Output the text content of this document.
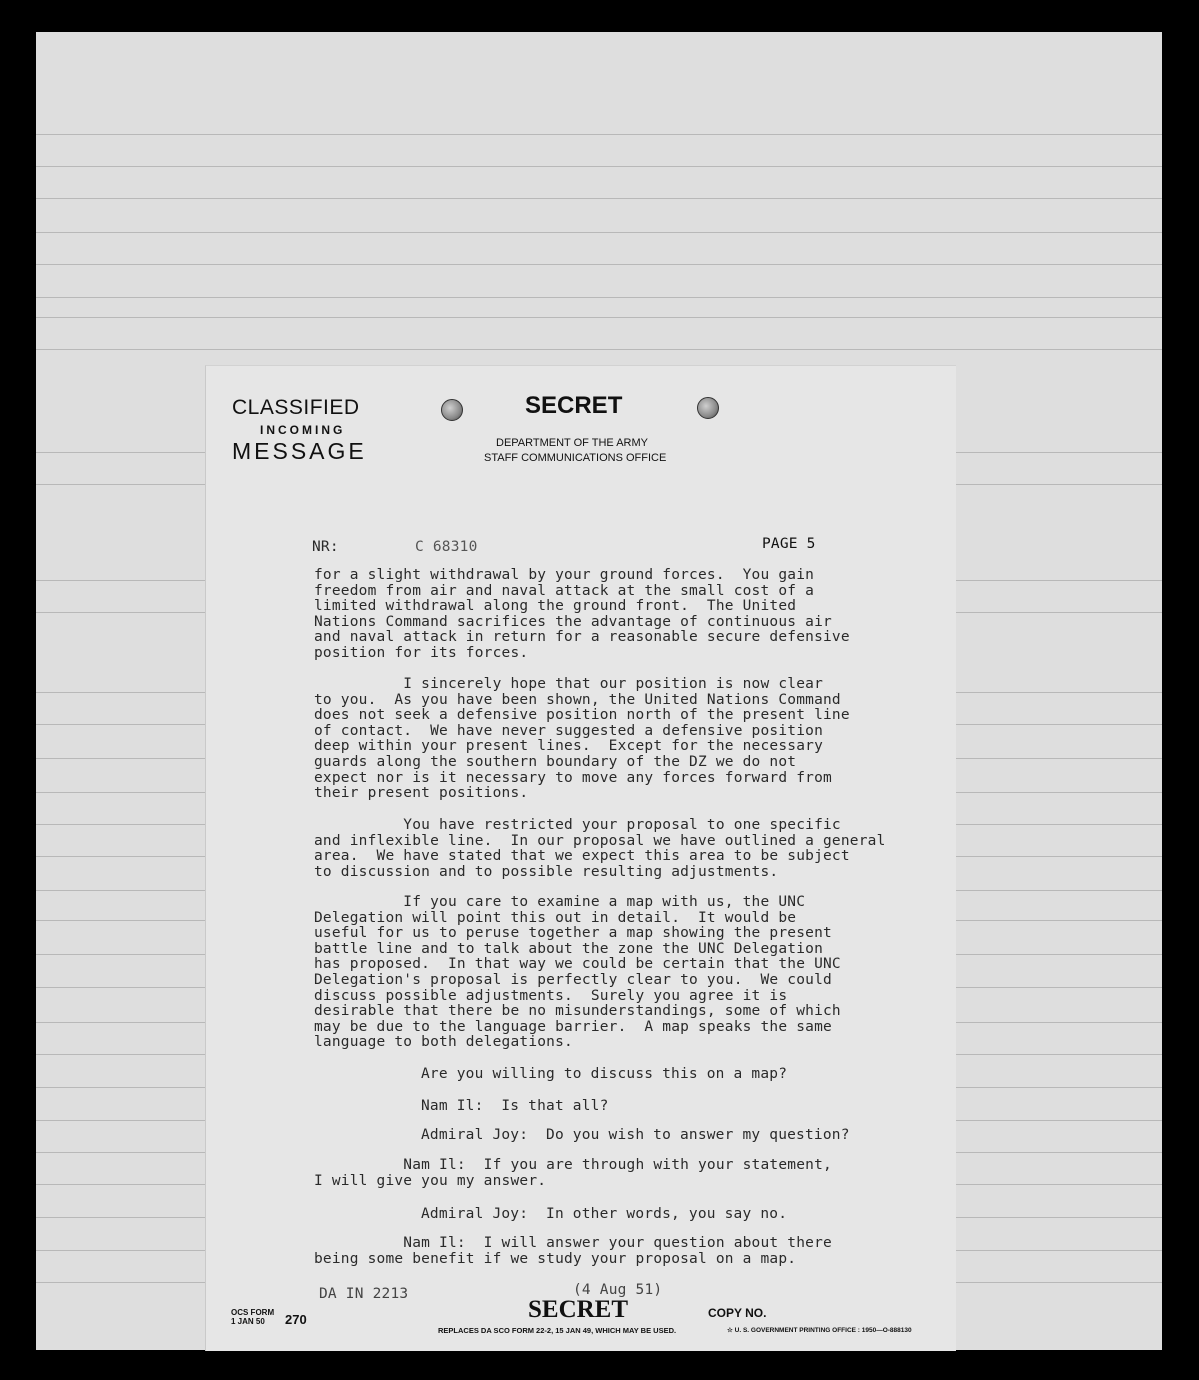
CLASSIFIED
INCOMING
MESSAGE
SECRET
DEPARTMENT OF THE ARMY
STAFF COMMUNICATIONS OFFICE
NR:	C 68310	PAGE 5
for a slight withdrawal by your ground forces.  You gain
freedom from air and naval attack at the small cost of a
limited withdrawal along the ground front.  The United
Nations Command sacrifices the advantage of continuous air
and naval attack in return for a reasonable secure defensive
position for its forces.
I sincerely hope that our position is now clear
to you.  As you have been shown, the United Nations Command
does not seek a defensive position north of the present line
of contact.  We have never suggested a defensive position
deep within your present lines.  Except for the necessary
guards along the southern boundary of the DZ we do not
expect nor is it necessary to move any forces forward from
their present positions.
You have restricted your proposal to one specific
and inflexible line.  In our proposal we have outlined a general
area.  We have stated that we expect this area to be subject
to discussion and to possible resulting adjustments.
If you care to examine a map with us, the UNC
Delegation will point this out in detail.  It would be
useful for us to peruse together a map showing the present
battle line and to talk about the zone the UNC Delegation
has proposed.  In that way we could be certain that the UNC
Delegation's proposal is perfectly clear to you.  We could
discuss possible adjustments.  Surely you agree it is
desirable that there be no misunderstandings, some of which
may be due to the language barrier.  A map speaks the same
language to both delegations.
Are you willing to discuss this on a map?
Nam Il:  Is that all?
Admiral Joy:  Do you wish to answer my question?
Nam Il:  If you are through with your statement,
I will give you my answer.
Admiral Joy:  In other words, you say no.
Nam Il:  I will answer your question about there
being some benefit if we study your proposal on a map.
DA IN 2213	(4 Aug 51)
OCS FORM
1 JAN 50	270	SECRET	COPY NO.
REPLACES DA SCO FORM 22-2, 15 JAN 49, WHICH MAY BE USED.	☆ U. S. GOVERNMENT PRINTING OFFICE : 1950—O-888130
